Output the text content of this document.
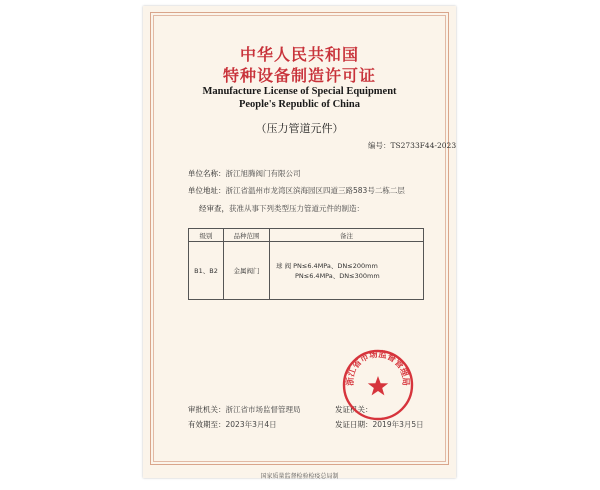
中华人民共和国
特种设备制造许可证
Manufacture License of Special Equipment
People's Republic of China
（压力管道元件）
编号：TS2733F44-2023
单位名称：浙江旭腾阀门有限公司
单位地址：浙江省温州市龙湾区滨海园区四道三路583号二栋二层
经审查，获准从事下列类型压力管道元件的制造：
级别	品种范围	备注
B1、B2	金属阀门	球 阀 PN≤6.4MPa、DN≤200mm
PN≤6.4MPa、DN≤300mm
审批机关：浙江省市场监督管理局
有效期至：2023年3月4日
发证机关：
发证日期：2019年3月5日
浙江省市场监督管理局
国家质量监督检验检疫总局制
